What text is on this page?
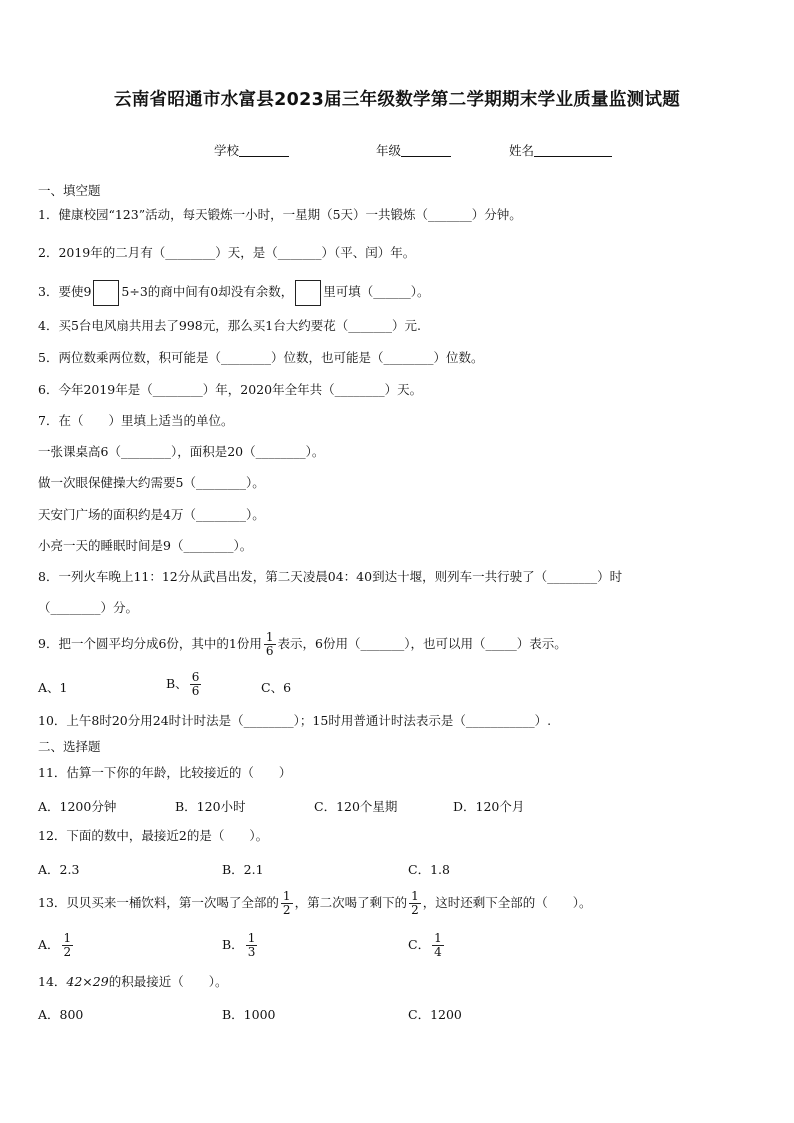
云南省昭通市水富县2023届三年级数学第二学期期末学业质量监测试题
学校	年级	姓名
一、填空题
1．健康校园“123”活动，每天锻炼一小时，一星期（5天）一共锻炼（_______）分钟。
2．2019年的二月有（________）天，是（_______）（平、闰）年。
3．要使9 5÷3的商中间有0却没有余数， 里可填（______）。
4．买5台电风扇共用去了998元，那么买1台大约要花（_______）元.
5．两位数乘两位数，积可能是（________）位数，也可能是（________）位数。
6．今年2019年是（________）年，2020年全年共（________）天。
7．在（　　）里填上适当的单位。
一张课桌高6（________），面积是20（________）。
做一次眼保健操大约需要5（________）。
天安门广场的面积约是4万（________）。
小亮一天的睡眠时间是9（________）。
8．一列火车晚上11：12分从武昌出发，第二天凌晨04：40到达十堰，则列车一共行驶了（________）时
（________）分。
9．把一个圆平均分成6份，其中的1份用 $\frac{1}{6}$ 表示，6份用（_______），也可以用（_____）表示。
A、1	B、 $\frac{6}{6}$	C、6
10．上午8时20分用24时计时法是（________）；15时用普通计时法表示是（___________）.
二、选择题
11．估算一下你的年龄，比较接近的（　　）
A．1200分钟	B．120小时	C．120个星期	D．120个月
12．下面的数中，最接近2的是（　　）。
A．2.3	B．2.1	C．1.8
13．贝贝买来一桶饮料，第一次喝了全部的 $\frac{1}{2}$ ，第二次喝了剩下的 $\frac{1}{2}$ ，这时还剩下全部的（　　）。
A． $\frac{1}{2}$	B． $\frac{1}{3}$	C． $\frac{1}{4}$
14．42×29的积最接近（　　）。
A．800	B．1000	C．1200
